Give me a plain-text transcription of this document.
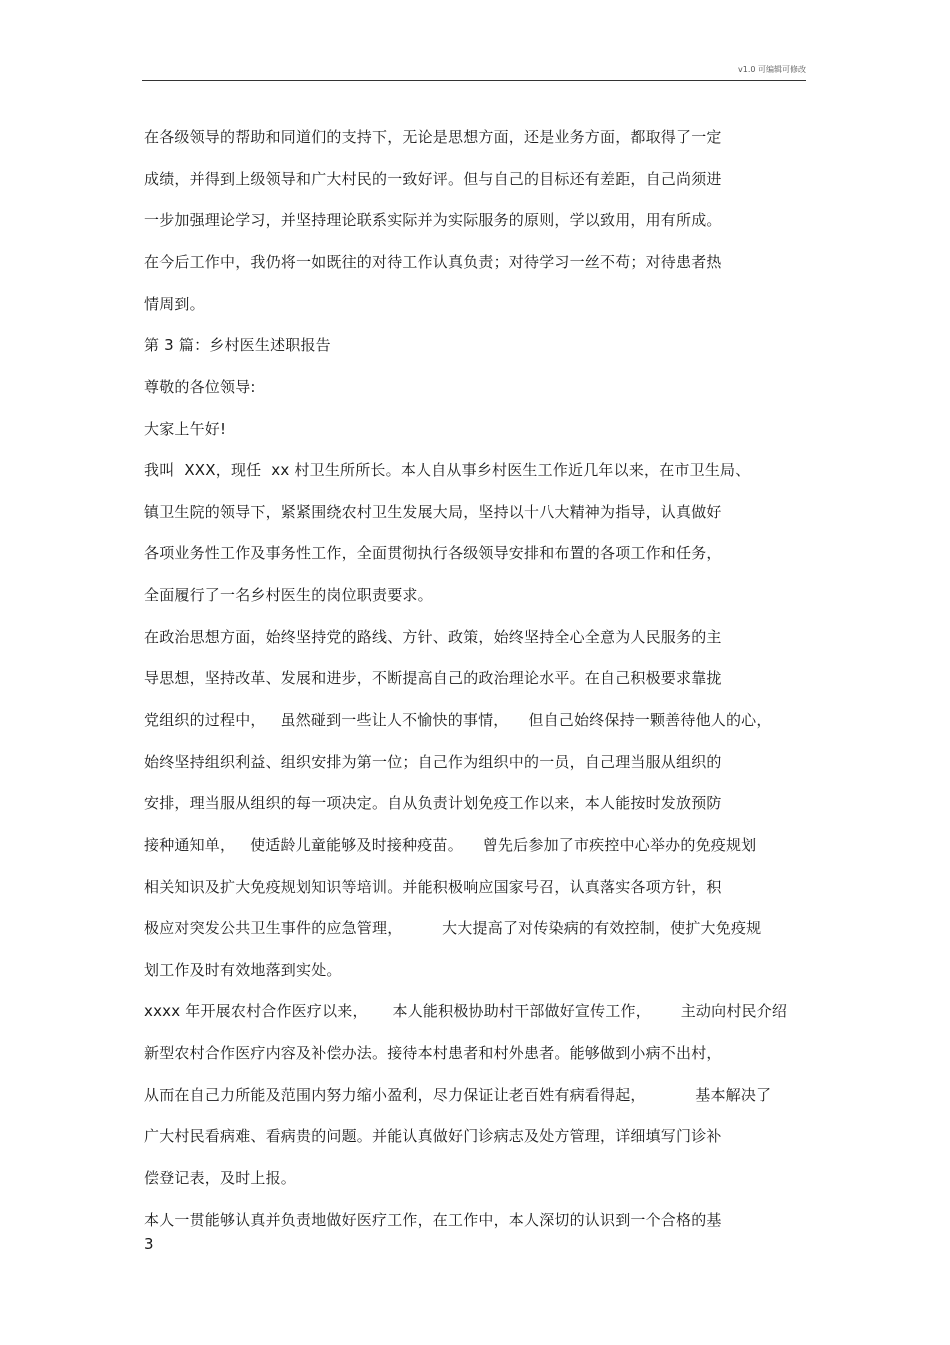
v1.0 可编辑可修改
在各级领导的帮助和同道们的支持下，无论是思想方面，还是业务方面，都取得了一定
成绩，并得到上级领导和广大村民的一致好评。但与自己的目标还有差距，自己尚须进
一步加强理论学习，并坚持理论联系实际并为实际服务的原则，学以致用，用有所成。
在今后工作中，我仍将一如既往的对待工作认真负责；对待学习一丝不苟；对待患者热
情周到。
第 3 篇：乡村医生述职报告
尊敬的各位领导:
大家上午好!
我叫  XXX，现任  xx 村卫生所所长。本人自从事乡村医生工作近几年以来，在市卫生局、
镇卫生院的领导下，紧紧围绕农村卫生发展大局，坚持以十八大精神为指导，认真做好
各项业务性工作及事务性工作，全面贯彻执行各级领导安排和布置的各项工作和任务，
全面履行了一名乡村医生的岗位职责要求。
在政治思想方面，始终坚持党的路线、方针、政策，始终坚持全心全意为人民服务的主
导思想，坚持改革、发展和进步，不断提高自己的政治理论水平。在自己积极要求靠拢
党组织的过程中，   虽然碰到一些让人不愉快的事情，    但自己始终保持一颗善待他人的心，
始终坚持组织利益、组织安排为第一位；自己作为组织中的一员，自己理当服从组织的
安排，理当服从组织的每一项决定。自从负责计划免疫工作以来，本人能按时发放预防
接种通知单，   使适龄儿童能够及时接种疫苗。    曾先后参加了市疾控中心举办的免疫规划
相关知识及扩大免疫规划知识等培训。并能积极响应国家号召，认真落实各项方针，积
极应对突发公共卫生事件的应急管理，        大大提高了对传染病的有效控制，使扩大免疫规
划工作及时有效地落到实处。
xxxx 年开展农村合作医疗以来，     本人能积极协助村干部做好宣传工作，      主动向村民介绍
新型农村合作医疗内容及补偿办法。接待本村患者和村外患者。能够做到小病不出村，
从而在自己力所能及范围内努力缩小盈利，尽力保证让老百姓有病看得起，          基本解决了
广大村民看病难、看病贵的问题。并能认真做好门诊病志及处方管理，详细填写门诊补
偿登记表，及时上报。
本人一贯能够认真并负责地做好医疗工作，在工作中，本人深切的认识到一个合格的基
3
